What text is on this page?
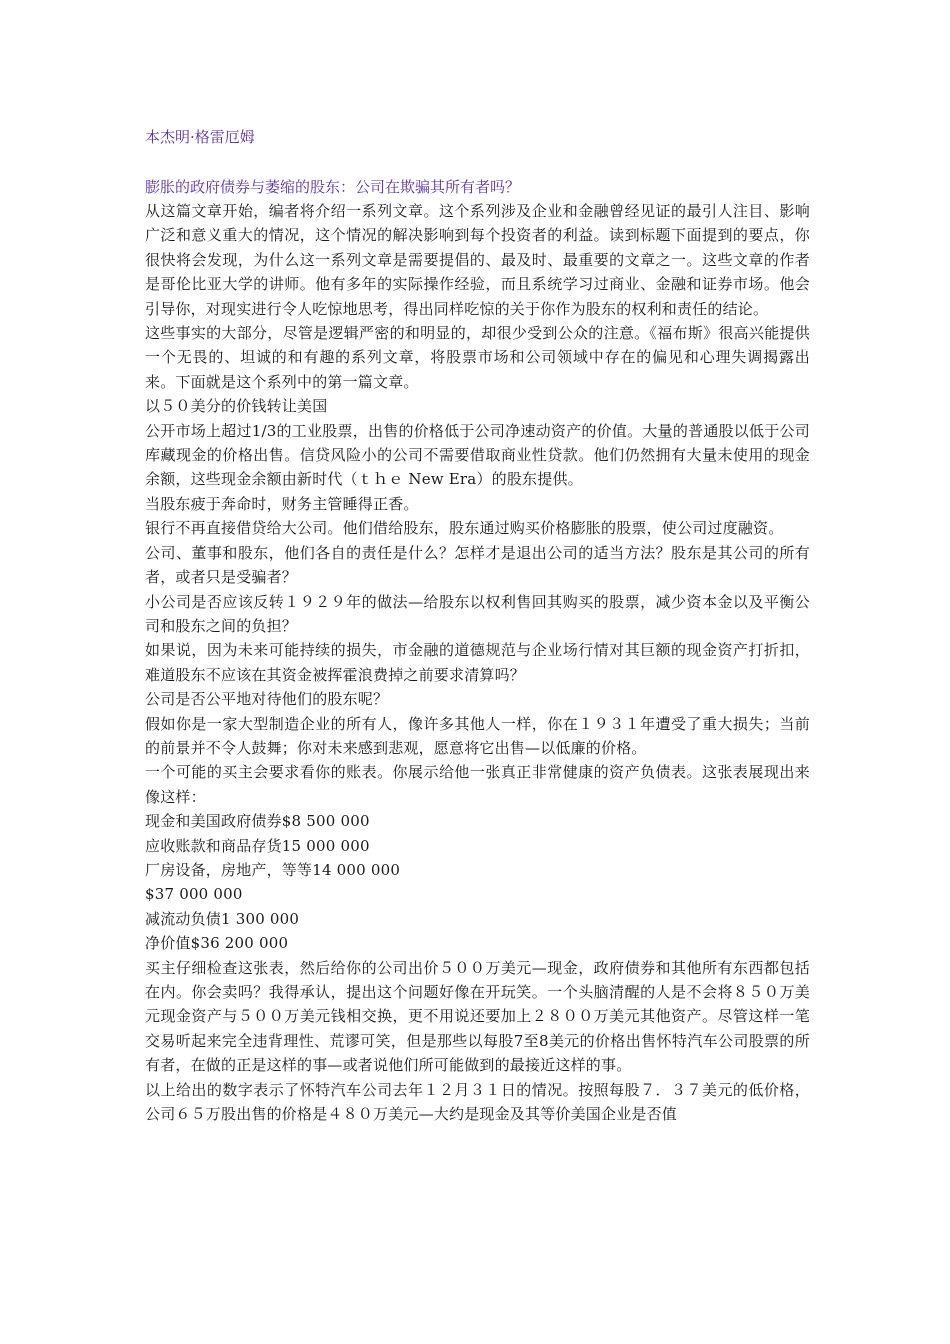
本杰明·格雷厄姆

膨胀的政府债券与萎缩的股东：公司在欺骗其所有者吗？

从这篇文章开始，编者将介绍一系列文章。这个系列涉及企业和金融曾经见证的最引人注目、影响广泛和意义重大的情况，这个情况的解决影响到每个投资者的利益。读到标题下面提到的要点，你很快将会发现，为什么这一系列文章是需要提倡的、最及时、最重要的文章之一。这些文章的作者是哥伦比亚大学的讲师。他有多年的实际操作经验，而且系统学习过商业、金融和证券市场。他会引导你，对现实进行令人吃惊地思考，得出同样吃惊的关于你作为股东的权利和责任的结论。

这些事实的大部分，尽管是逻辑严密的和明显的，却很少受到公众的注意。《福布斯》很高兴能提供一个无畏的、坦诚的和有趣的系列文章，将股票市场和公司领域中存在的偏见和心理失调揭露出来。下面就是这个系列中的第一篇文章。

以５０美分的价钱转让美国

公开市场上超过1/3的工业股票，出售的价格低于公司净速动资产的价值。大量的普通股以低于公司库藏现金的价格出售。信贷风险小的公司不需要借取商业性贷款。他们仍然拥有大量未使用的现金余额，这些现金余额由新时代（ｔｈｅ New Era）的股东提供。

当股东疲于奔命时，财务主管睡得正香。

银行不再直接借贷给大公司。他们借给股东，股东通过购买价格膨胀的股票，使公司过度融资。

公司、董事和股东，他们各自的责任是什么？怎样才是退出公司的适当方法？股东是其公司的所有者，或者只是受骗者？

小公司是否应该反转１９２９年的做法—给股东以权利售回其购买的股票，减少资本金以及平衡公司和股东之间的负担？

如果说，因为未来可能持续的损失，市金融的道德规范与企业场行情对其巨额的现金资产打折扣，难道股东不应该在其资金被挥霍浪费掉之前要求清算吗？

公司是否公平地对待他们的股东呢？

假如你是一家大型制造企业的所有人，像许多其他人一样，你在１９３１年遭受了重大损失；当前的前景并不令人鼓舞；你对未来感到悲观，愿意将它出售—以低廉的价格。

一个可能的买主会要求看你的账表。你展示给他一张真正非常健康的资产负债表。这张表展现出来像这样：

现金和美国政府债券$8 500 000

应收账款和商品存货15 000 000

厂房设备，房地产，等等14 000 000

$37 000 000

减流动负债1 300 000

净价值$36 200 000

买主仔细检查这张表，然后给你的公司出价５００万美元—现金，政府债券和其他所有东西都包括在内。你会卖吗？我得承认，提出这个问题好像在开玩笑。一个头脑清醒的人是不会将８５０万美元现金资产与５００万美元钱相交换，更不用说还要加上２８００万美元其他资产。尽管这样一笔交易听起来完全违背理性、荒谬可笑，但是那些以每股7至8美元的价格出售怀特汽车公司股票的所有者，在做的正是这样的事—或者说他们所可能做到的最接近这样的事。

以上给出的数字表示了怀特汽车公司去年１２月３１日的情况。按照每股７．３７美元的低价格，公司６５万股出售的价格是４８０万美元—大约是现金及其等价美国企业是否值
